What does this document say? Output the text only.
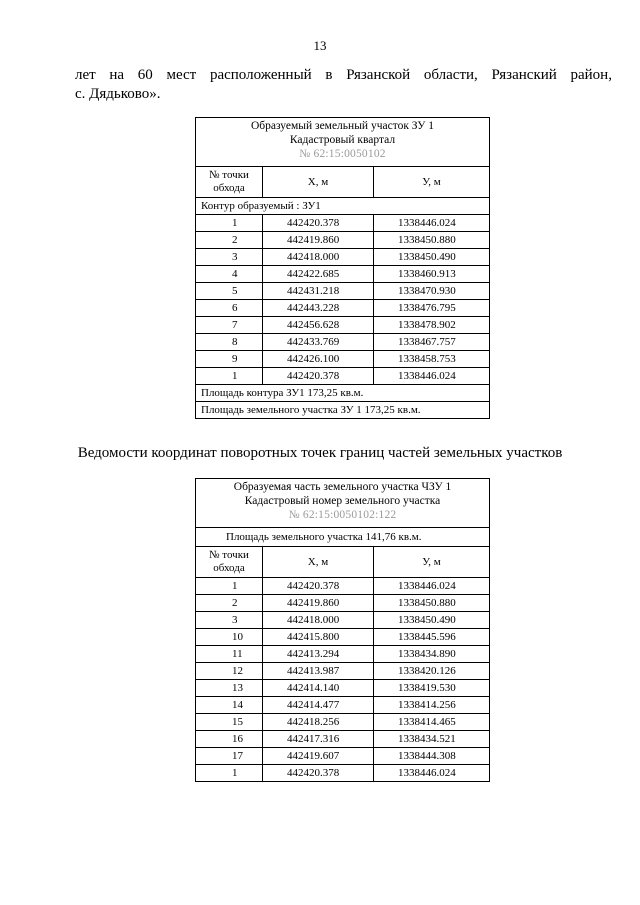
13
лет на 60 мест расположенный в Рязанской области, Рязанский район,
с. Дядьково».
Образуемый земельный участок ЗУ 1
Кадастровый квартал
№ 62:15:0050102		

№ точки обхода	Х, м	У, м
Контур образуемый : ЗУ1		
1	442420.378	1338446.024
2	442419.860	1338450.880
3	442418.000	1338450.490
4	442422.685	1338460.913
5	442431.218	1338470.930
6	442443.228	1338476.795
7	442456.628	1338478.902
8	442433.769	1338467.757
9	442426.100	1338458.753
1	442420.378	1338446.024
Площадь контура ЗУ1 173,25 кв.м.		
Площадь земельного участка ЗУ 1 173,25 кв.м.		
Ведомости координат поворотных точек границ частей земельных участков
Образуемая часть земельного участка ЧЗУ 1
Кадастровый номер земельного участка
№ 62:15:0050102:122		

Площадь земельного участка 141,76 кв.м.		
№ точки обхода	Х, м	У, м
1	442420.378	1338446.024
2	442419.860	1338450.880
3	442418.000	1338450.490
10	442415.800	1338445.596
11	442413.294	1338434.890
12	442413.987	1338420.126
13	442414.140	1338419.530
14	442414.477	1338414.256
15	442418.256	1338414.465
16	442417.316	1338434.521
17	442419.607	1338444.308
1	442420.378	1338446.024
